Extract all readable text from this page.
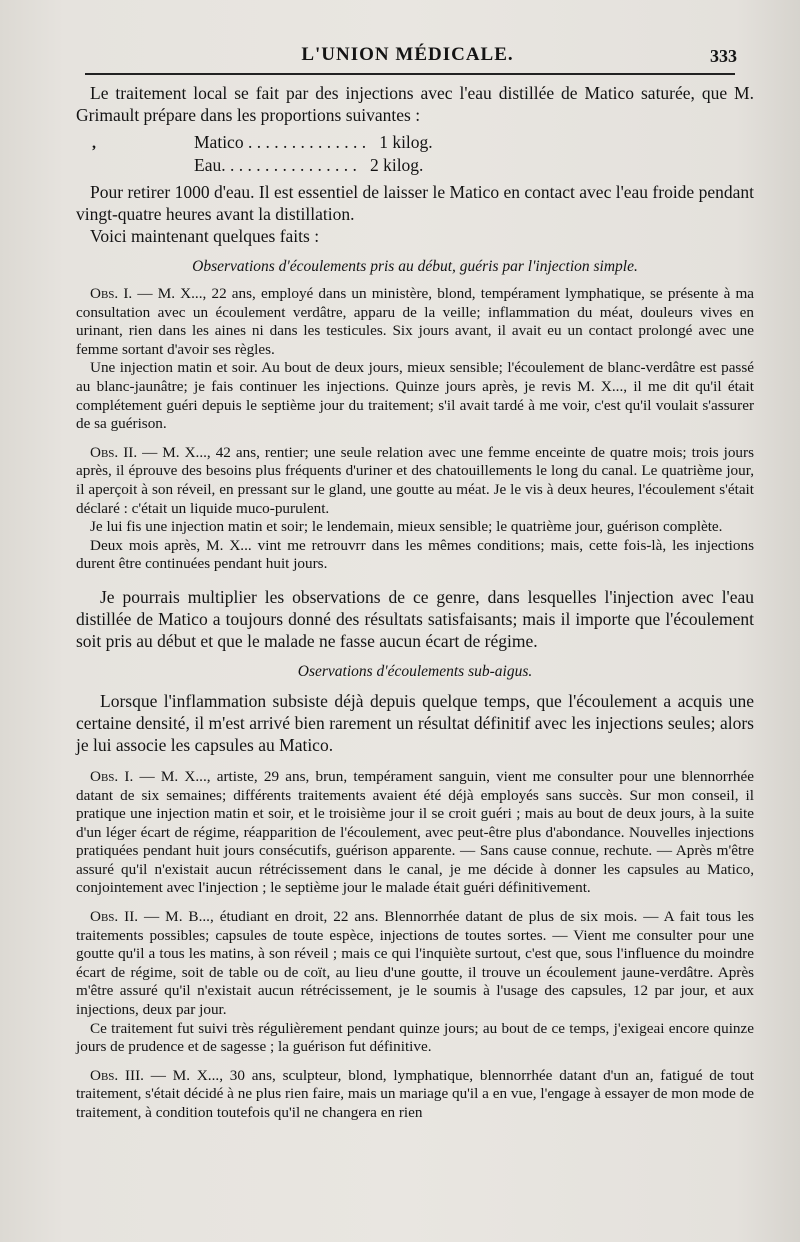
L'UNION MÉDICALE.	333
,

Le traitement local se fait par des injections avec l'eau distillée de Matico saturée, que M. Grimault prépare dans les proportions suivantes :

Matico . . . . . . . . . . . . . .   1 kilog.
Eau. . . . . . . . . . . . . . . .   2 kilog.

Pour retirer 1000 d'eau. Il est essentiel de laisser le Matico en contact avec l'eau froide pendant vingt-quatre heures avant la distillation.

Voici maintenant quelques faits :

Observations d'écoulements pris au début, guéris par l'injection simple.

Obs. I. — M. X..., 22 ans, employé dans un ministère, blond, tempérament lymphatique, se présente à ma consultation avec un écoulement verdâtre, apparu de la veille; inflammation du méat, douleurs vives en urinant, rien dans les aines ni dans les testicules. Six jours avant, il avait eu un contact prolongé avec une femme sortant d'avoir ses règles.

Une injection matin et soir. Au bout de deux jours, mieux sensible; l'écoulement de blanc-verdâtre est passé au blanc-jaunâtre; je fais continuer les injections. Quinze jours après, je revis M. X..., il me dit qu'il était complétement guéri depuis le septième jour du traitement; s'il avait tardé à me voir, c'est qu'il voulait s'assurer de sa guérison.

Obs. II. — M. X..., 42 ans, rentier; une seule relation avec une femme enceinte de quatre mois; trois jours après, il éprouve des besoins plus fréquents d'uriner et des chatouillements le long du canal. Le quatrième jour, il aperçoit à son réveil, en pressant sur le gland, une goutte au méat. Je le vis à deux heures, l'écoulement s'était déclaré : c'était un liquide muco-purulent.

Je lui fis une injection matin et soir; le lendemain, mieux sensible; le quatrième jour, guérison complète.

Deux mois après, M. X... vint me retrouvrr dans les mêmes conditions; mais, cette fois-là, les injections durent être continuées pendant huit jours.

Je pourrais multiplier les observations de ce genre, dans lesquelles l'injection avec l'eau distillée de Matico a toujours donné des résultats satisfaisants; mais il importe que l'écoulement soit pris au début et que le malade ne fasse aucun écart de régime.

Oservations d'écoulements sub-aigus.

Lorsque l'inflammation subsiste déjà depuis quelque temps, que l'écoulement a acquis une certaine densité, il m'est arrivé bien rarement un résultat définitif avec les injections seules; alors je lui associe les capsules au Matico.

Obs. I. — M. X..., artiste, 29 ans, brun, tempérament sanguin, vient me consulter pour une blennorrhée datant de six semaines; différents traitements avaient été déjà employés sans succès. Sur mon conseil, il pratique une injection matin et soir, et le troisième jour il se croit guéri ; mais au bout de deux jours, à la suite d'un léger écart de régime, réapparition de l'écoulement, avec peut-être plus d'abondance. Nouvelles injections pratiquées pendant huit jours consécutifs, guérison apparente. — Sans cause connue, rechute. — Après m'être assuré qu'il n'existait aucun rétrécissement dans le canal, je me décide à donner les capsules au Matico, conjointement avec l'injection ; le septième jour le malade était guéri définitivement.

Obs. II. — M. B..., étudiant en droit, 22 ans. Blennorrhée datant de plus de six mois. — A fait tous les traitements possibles; capsules de toute espèce, injections de toutes sortes. — Vient me consulter pour une goutte qu'il a tous les matins, à son réveil ; mais ce qui l'inquiète surtout, c'est que, sous l'influence du moindre écart de régime, soit de table ou de coït, au lieu d'une goutte, il trouve un écoulement jaune-verdâtre. Après m'être assuré qu'il n'existait aucun rétrécissement, je le soumis à l'usage des capsules, 12 par jour, et aux injections, deux par jour.

Ce traitement fut suivi très régulièrement pendant quinze jours; au bout de ce temps, j'exigeai encore quinze jours de prudence et de sagesse ; la guérison fut définitive.

Obs. III. — M. X..., 30 ans, sculpteur, blond, lymphatique, blennorrhée datant d'un an, fatigué de tout traitement, s'était décidé à ne plus rien faire, mais un mariage qu'il a en vue, l'engage à essayer de mon mode de traitement, à condition toutefois qu'il ne changera en rien
